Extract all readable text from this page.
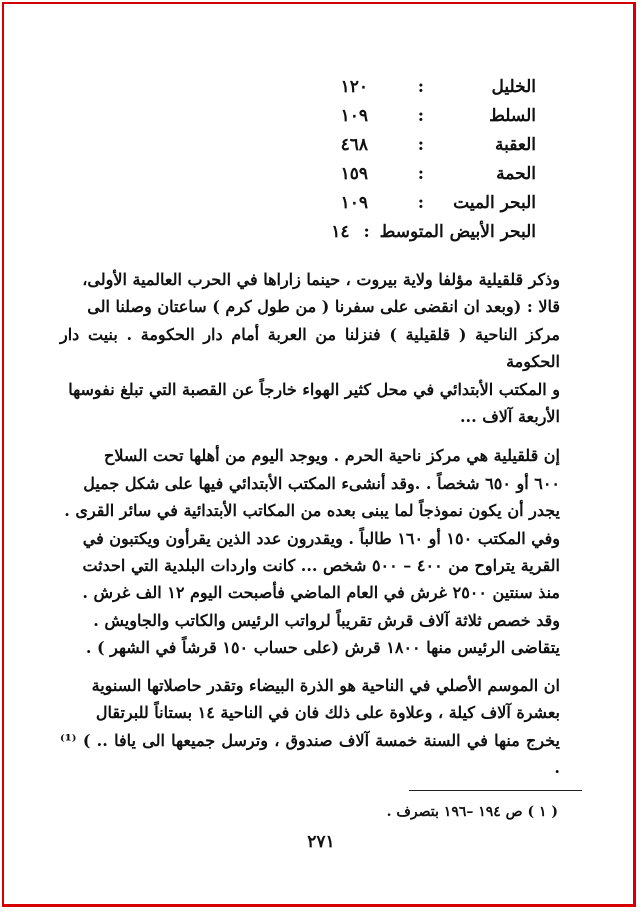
الخليل
:
١٢٠
السلط
:
١٠٩
العقبة
:
٤٦٨
الحمة
:
١٥٩
البحر الميت
:
١٠٩
البحر الأبيض المتوسط : ١٤

وذكر قلقيلية مؤلفا ولاية بيروت ، حينما زاراها في الحرب العالمية الأولى،
قالا : (وبعد ان انقضى على سفرنا ( من طول كرم ) ساعتان وصلنا الى
مركز الناحية ( قلقيلية ) فنزلنا من العربة أمام دار الحكومة . بنيت دار الحكومة
و المكتب الأبتدائي في محل كثير الهواء خارجاً عن القصبة التي تبلغ نفوسها
الأربعة آلاف ...

إن قلقيلية هي مركز ناحية الحرم . ويوجد اليوم من أهلها تحت السلاح
٦٠٠ أو ٦٥٠ شخصاً . .وقد أنشىء المكتب الأبتدائي فيها على شكل جميل
يجدر أن يكون نموذجاً لما يبنى بعده من المكاتب الأبتدائية في سائر القرى .
وفي المكتب ١٥٠ أو ١٦٠ طالباً . ويقدرون عدد الذين يقرأون ويكتبون في
القرية يتراوح من ٤٠٠ – ٥٠٠ شخص ... كانت واردات البلدية التي احدثت
منذ سنتين ٢٥٠٠ غرش في العام الماضي فأصبحت اليوم ١٢ الف غرش .
وقد خصص ثلاثة آلاف قرش تقريباً لرواتب الرئيس والكاتب والجاويش .
يتقاضى الرئيس منها ١٨٠٠ قرش (على حساب ١٥٠ قرشاً في الشهر ) .

ان الموسم الأصلي في الناحية هو الذرة البيضاء وتقدر حاصلاتها السنوية
بعشرة آلاف كيلة ، وعلاوة على ذلك فان في الناحية ١٤ بستاناً للبرتقال
يخرج منها في السنة خمسة آلاف صندوق ، وترسل جميعها الى يافا .. ) ⁽¹⁾ .

( ١ ) ص ١٩٤ –١٩٦ بتصرف .
٢٧١
